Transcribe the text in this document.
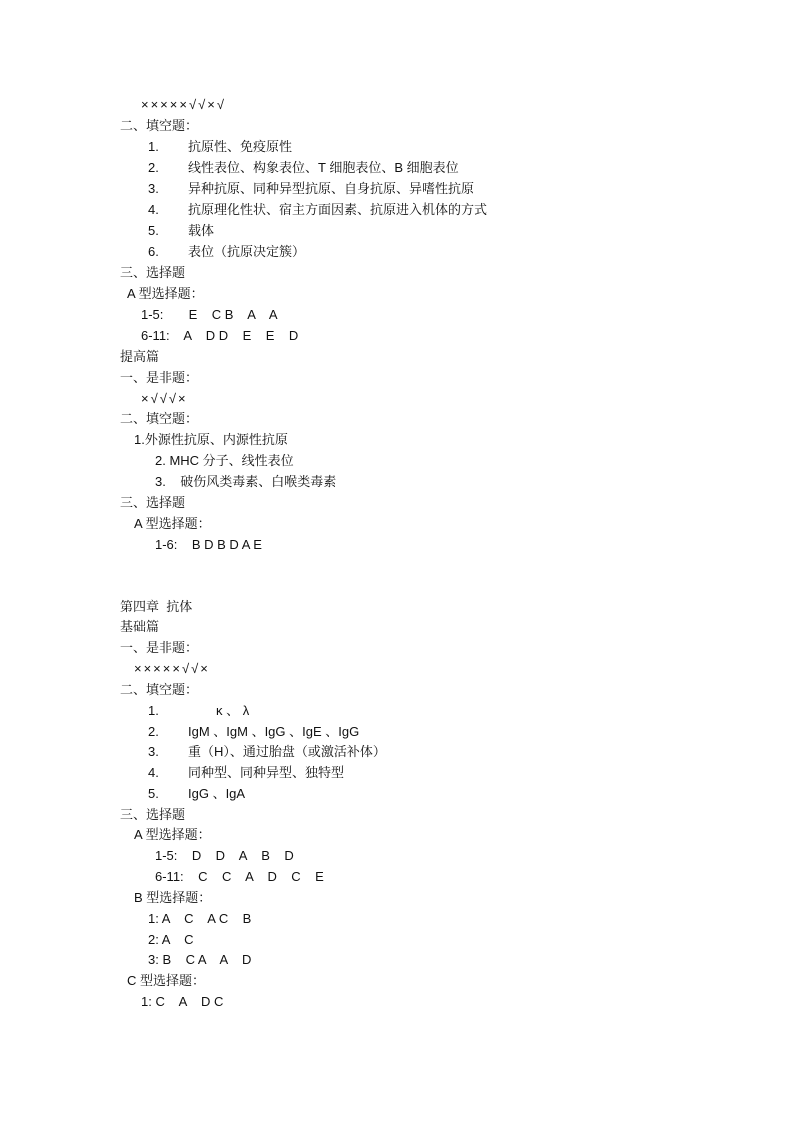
×××××√√×√
二、填空题：
1. 抗原性、免疫原性
2. 线性表位、构象表位、T 细胞表位、B 细胞表位
3. 异种抗原、同种异型抗原、自身抗原、异嗜性抗原
4. 抗原理化性状、宿主方面因素、抗原进入机体的方式
5. 载体
6. 表位（抗原决定簇）
三、选择题
A 型选择题：
1-5:       E    C B    A    A
6-11:    A    D D    E    E    D
提高篇
一、是非题：
×√√√×
二、填空题：
1.外源性抗原、内源性抗原
2. MHC 分子、线性表位
3.    破伤风类毒素、白喉类毒素
三、选择题
A 型选择题：
1-6:    B D B D A E
第四章  抗体
基础篇
一、是非题：
×××××√√×
二、填空题：
1.	κ 、 λ
2. IgM 、IgM 、IgG 、IgE 、IgG
3. 重（H）、通过胎盘（或激活补体）
4. 同种型、同种异型、独特型
5. IgG 、IgA
三、选择题
A 型选择题：
1-5:    D    D    A    B    D
6-11:    C    C    A    D    C    E
B 型选择题：
1: A    C    A C    B
2: A    C
3: B    C A    A    D
C 型选择题：
1: C    A    D C
